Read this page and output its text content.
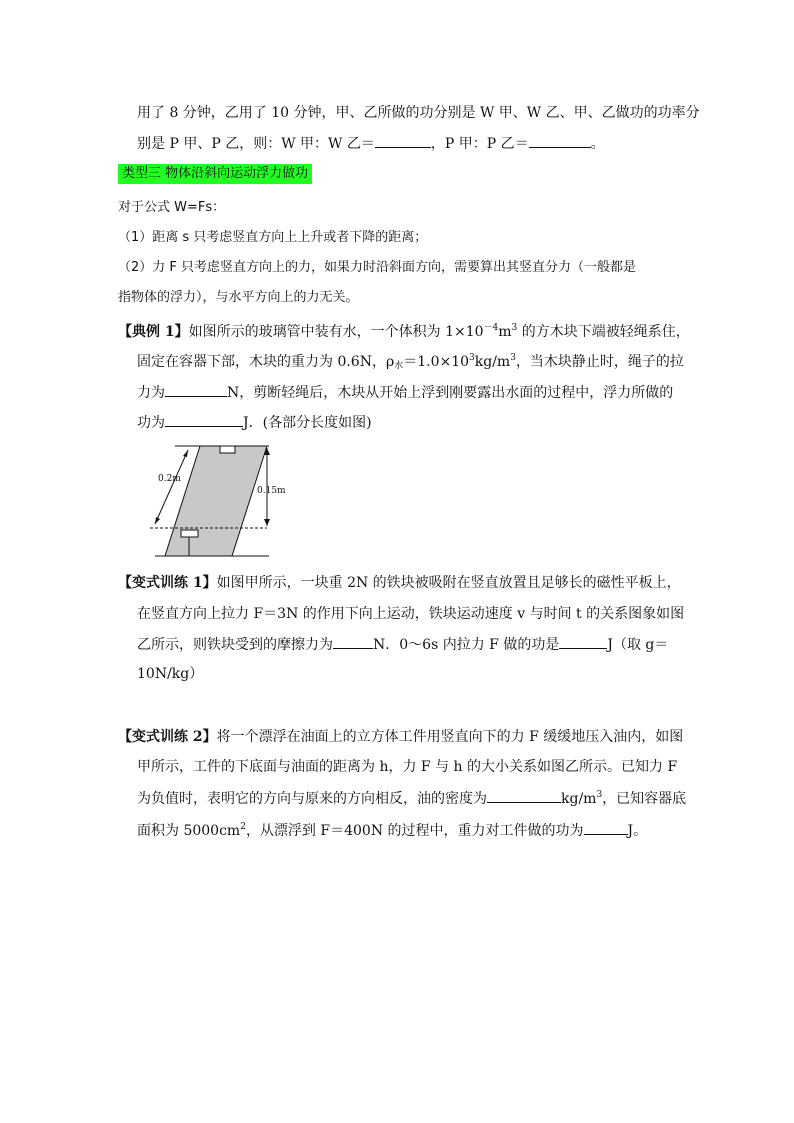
用了 8 分钟，乙用了 10 分钟，甲、乙所做的功分别是 W 甲、W 乙、甲、乙做功的功率分
别是 P 甲、P 乙，则：W 甲：W 乙＝	，P 甲：P 乙＝	。
类型三 物体沿斜向运动浮力做功
对于公式 W=Fs：
（1）距离 s 只考虑竖直方向上上升或者下降的距离；
（2）力 F 只考虑竖直方向上的力，如果力时沿斜面方向，需要算出其竖直分力（一般都是
指物体的浮力），与水平方向上的力无关。
【典例 1】如图所示的玻璃管中装有水，一个体积为 $1\times 10^{-4}m^3$ 的方木块下端被轻绳系住，
固定在容器下部，木块的重力为 0.6N，$\rho_水=1.0\times 10^3kg/m^3$，当木块静止时，绳子的拉
力为	N，剪断轻绳后，木块从开始上浮到刚要露出水面的过程中，浮力所做的
功为	J．(各部分长度如图)
0.2m
0.15m
【变式训练 1】如图甲所示，一块重 2N 的铁块被吸附在竖直放置且足够长的磁性平板上，
在竖直方向上拉力 F＝3N 的作用下向上运动，铁块运动速度 v 与时间 t 的关系图象如图
乙所示，则铁块受到的摩擦力为	N．0～6s 内拉力 F 做的功是	J（取 g＝
10N/kg）
【变式训练 2】将一个漂浮在油面上的立方体工件用竖直向下的力 F 缓缓地压入油内，如图
甲所示，工件的下底面与油面的距离为 h，力 F 与 h 的大小关系如图乙所示。已知力 F
为负值时，表明它的方向与原来的方向相反，油的密度为	$kg/m^3$，已知容器底
面积为 $5000cm^2$，从漂浮到 F＝400N 的过程中，重力对工件做的功为	J。
